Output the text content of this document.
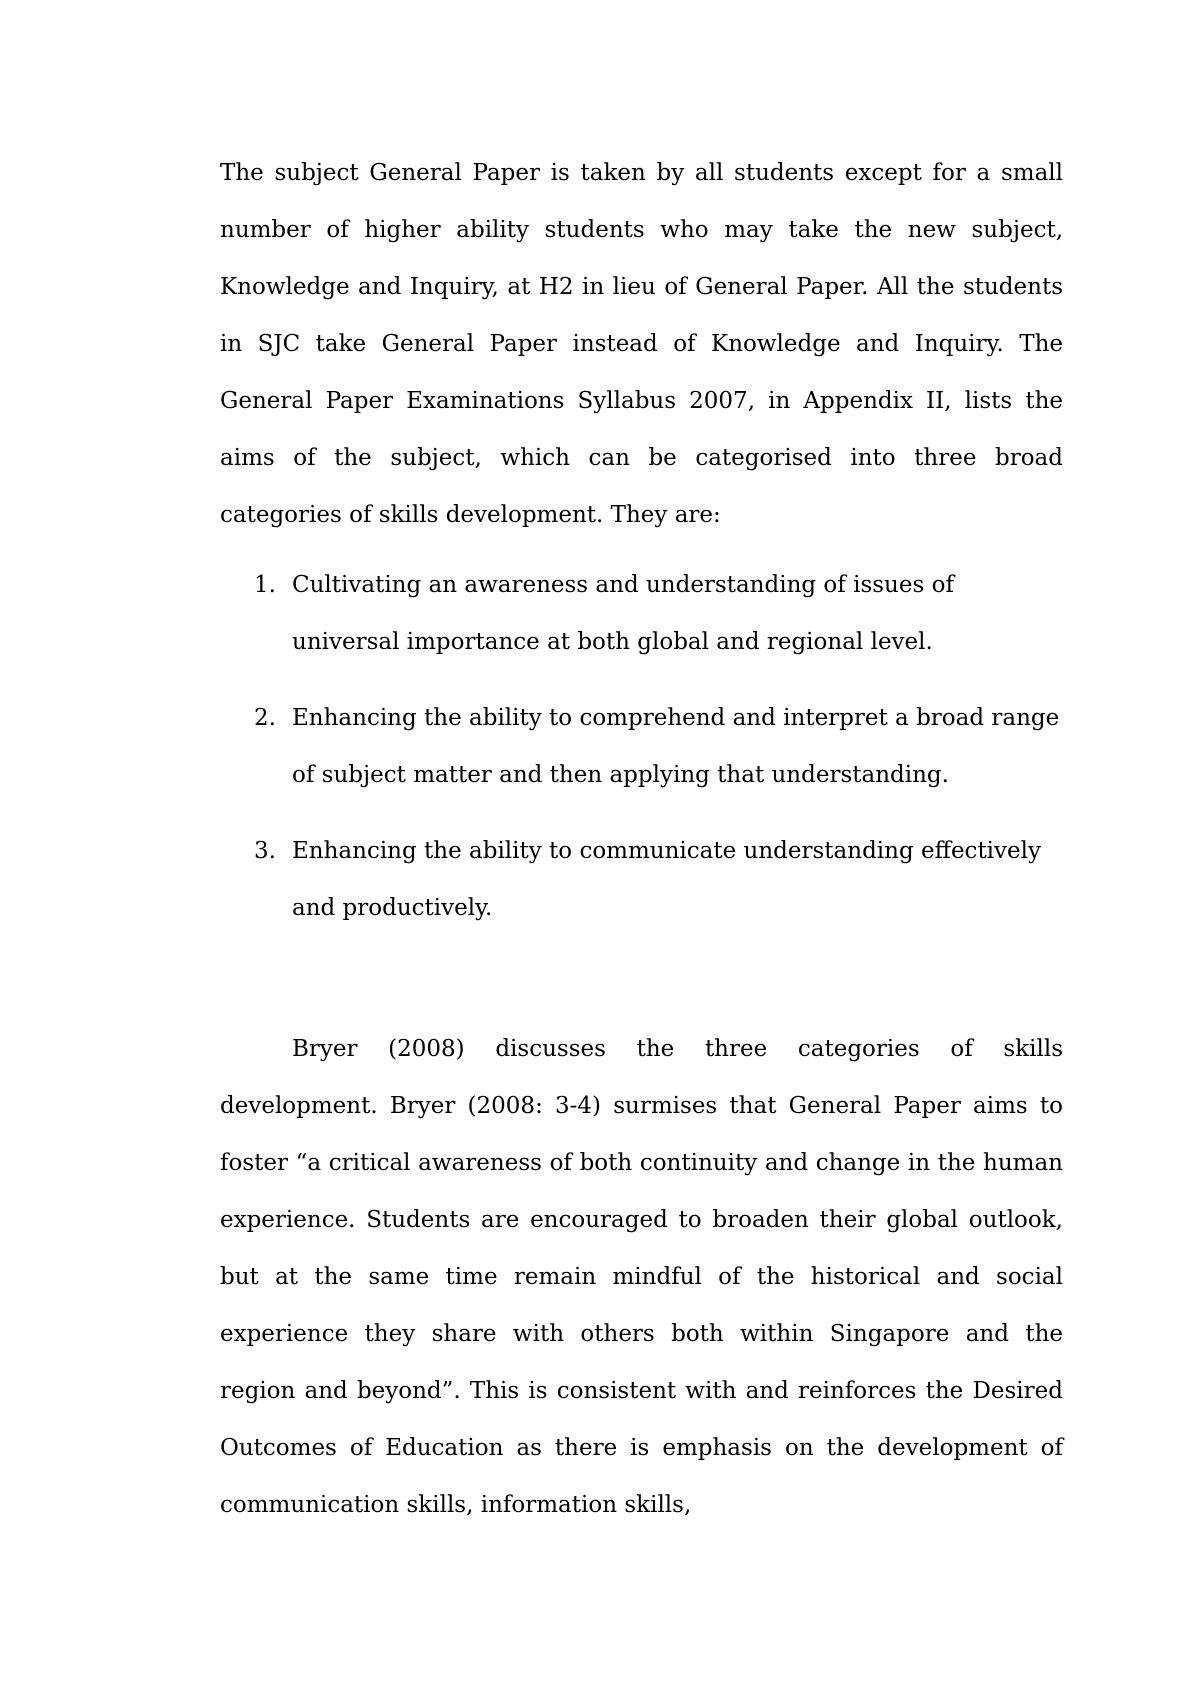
The subject General Paper is taken by all students except for a small number of higher ability students who may take the new subject, Knowledge and Inquiry, at H2 in lieu of General Paper. All the students in SJC take General Paper instead of Knowledge and Inquiry. The General Paper Examinations Syllabus 2007, in Appendix II, lists the aims of the subject, which can be categorised into three broad categories of skills development. They are:

1. Cultivating an awareness and understanding of issues of universal importance at both global and regional level.
2. Enhancing the ability to comprehend and interpret a broad range of subject matter and then applying that understanding.
3. Enhancing the ability to communicate understanding effectively and productively.

Bryer (2008) discusses the three categories of skills development. Bryer (2008: 3-4) surmises that General Paper aims to foster “a critical awareness of both continuity and change in the human experience. Students are encouraged to broaden their global outlook, but at the same time remain mindful of the historical and social experience they share with others both within Singapore and the region and beyond”. This is consistent with and reinforces the Desired Outcomes of Education as there is emphasis on the development of communication skills, information skills,
